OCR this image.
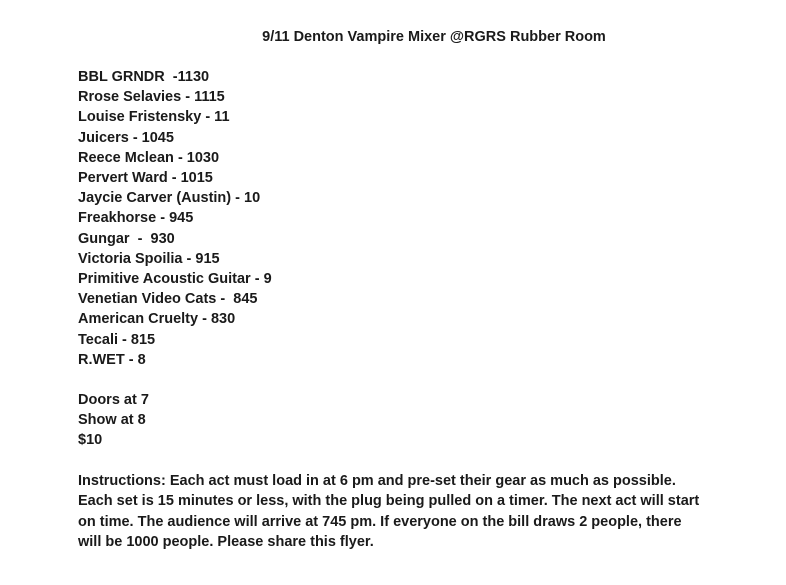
9/11 Denton Vampire Mixer @RGRS Rubber Room
BBL GRNDR  -1130
Rrose Selavies - 1115
Louise Fristensky - 11
Juicers - 1045
Reece Mclean - 1030
Pervert Ward - 1015
Jaycie Carver (Austin) - 10
Freakhorse - 945
Gungar  -  930
Victoria Spoilia - 915
Primitive Acoustic Guitar - 9
Venetian Video Cats -  845
American Cruelty - 830
Tecali - 815
R.WET - 8
Doors at 7
Show at 8
$10

Instructions: Each act must load in at 6 pm and pre-set their gear as much as possible. Each set is 15 minutes or less, with the plug being pulled on a timer. The next act will start on time. The audience will arrive at 745 pm. If everyone on the bill draws 2 people, there will be 1000 people. Please share this flyer.
